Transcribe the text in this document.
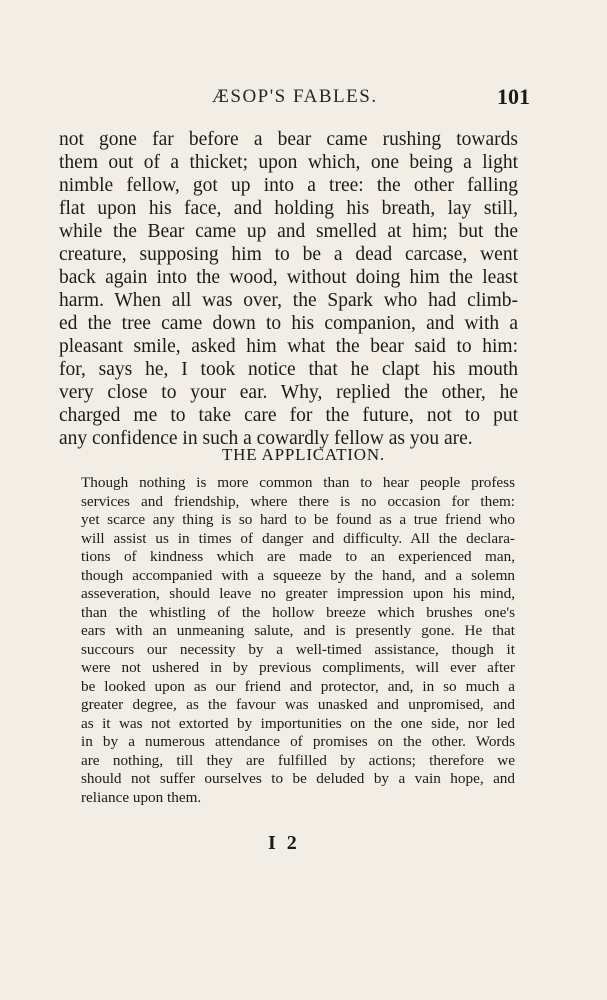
ÆSOP'S FABLES.	101
not gone far before a bear came rushing towards
them out of a thicket; upon which, one being a light
nimble fellow, got up into a tree: the other falling
flat upon his face, and holding his breath, lay still,
while the Bear came up and smelled at him; but the
creature, supposing him to be a dead carcase, went
back again into the wood, without doing him the least
harm. When all was over, the Spark who had climb-
ed the tree came down to his companion, and with a
pleasant smile, asked him what the bear said to him:
for, says he, I took notice that he clapt his mouth
very close to your ear. Why, replied the other, he
charged me to take care for the future, not to put
any confidence in such a cowardly fellow as you are.
THE APPLICATION.
Though nothing is more common than to hear people profess
services and friendship, where there is no occasion for them:
yet scarce any thing is so hard to be found as a true friend who
will assist us in times of danger and difficulty. All the declara-
tions of kindness which are made to an experienced man,
though accompanied with a squeeze by the hand, and a solemn
asseveration, should leave no greater impression upon his mind,
than the whistling of the hollow breeze which brushes one's
ears with an unmeaning salute, and is presently gone. He that
succours our necessity by a well-timed assistance, though it
were not ushered in by previous compliments, will ever after
be looked upon as our friend and protector, and, in so much a
greater degree, as the favour was unasked and unpromised, and
as it was not extorted by importunities on the one side, nor led
in by a numerous attendance of promises on the other. Words
are nothing, till they are fulfilled by actions; therefore we
should not suffer ourselves to be deluded by a vain hope, and
reliance upon them.
I 2
